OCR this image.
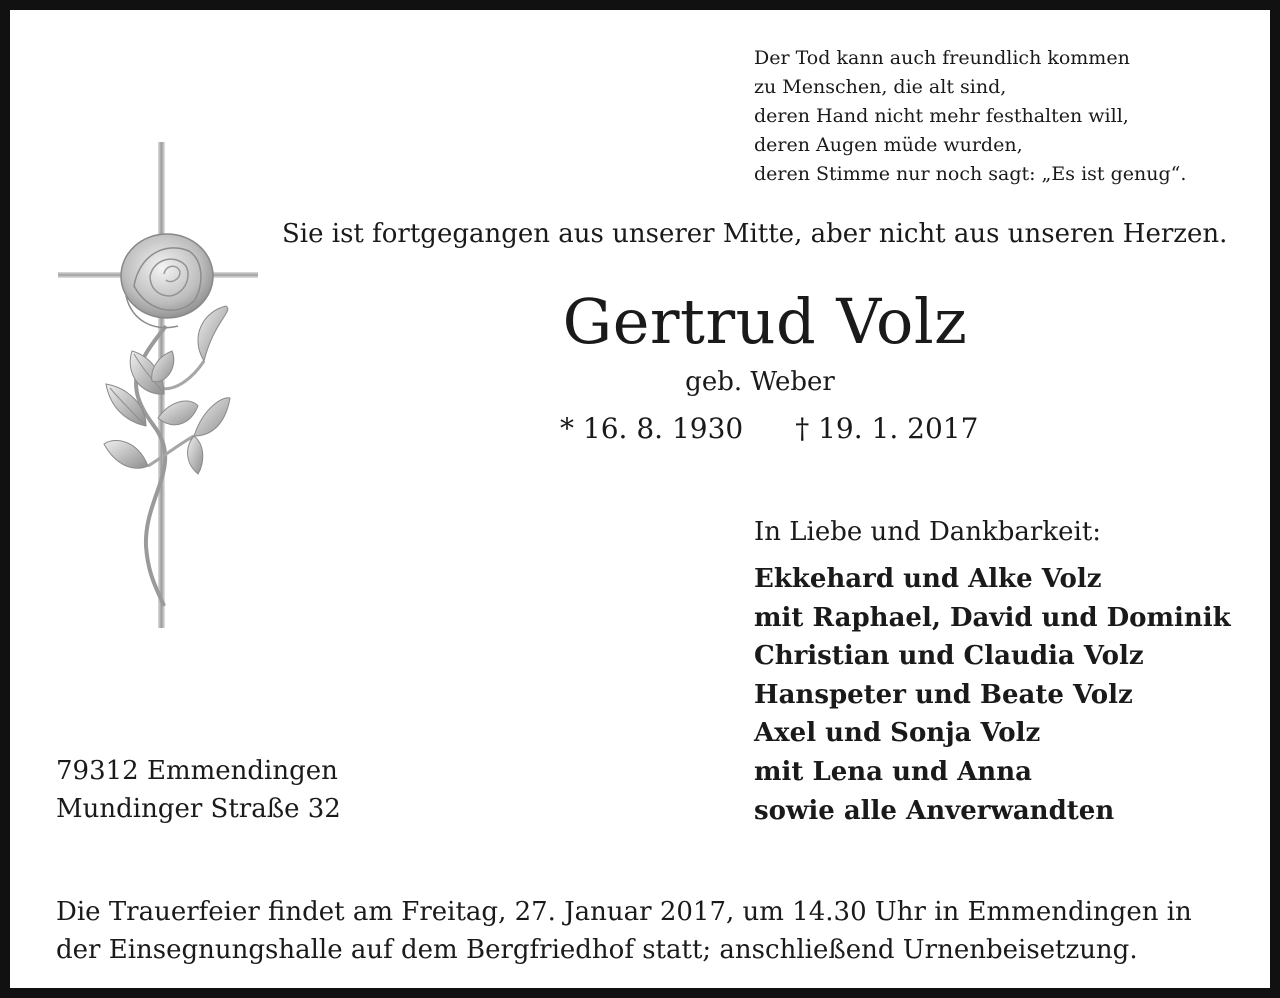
Der Tod kann auch freundlich kommen
zu Menschen, die alt sind,
deren Hand nicht mehr festhalten will,
deren Augen müde wurden,
deren Stimme nur noch sagt: „Es ist genug“.
Sie ist fortgegangen aus unserer Mitte, aber nicht aus unseren Herzen.
Gertrud Volz
geb. Weber
* 16. 8. 1930 † 19. 1. 2017
In Liebe und Dankbarkeit:
Ekkehard und Alke Volz
mit Raphael, David und Dominik
Christian und Claudia Volz
Hanspeter und Beate Volz
Axel und Sonja Volz
mit Lena und Anna
sowie alle Anverwandten
79312 Emmendingen
Mundinger Straße 32
Die Trauerfeier findet am Freitag, 27. Januar 2017, um 14.30 Uhr in Emmendingen in
der Einsegnungshalle auf dem Bergfriedhof statt; anschließend Urnenbeisetzung.
